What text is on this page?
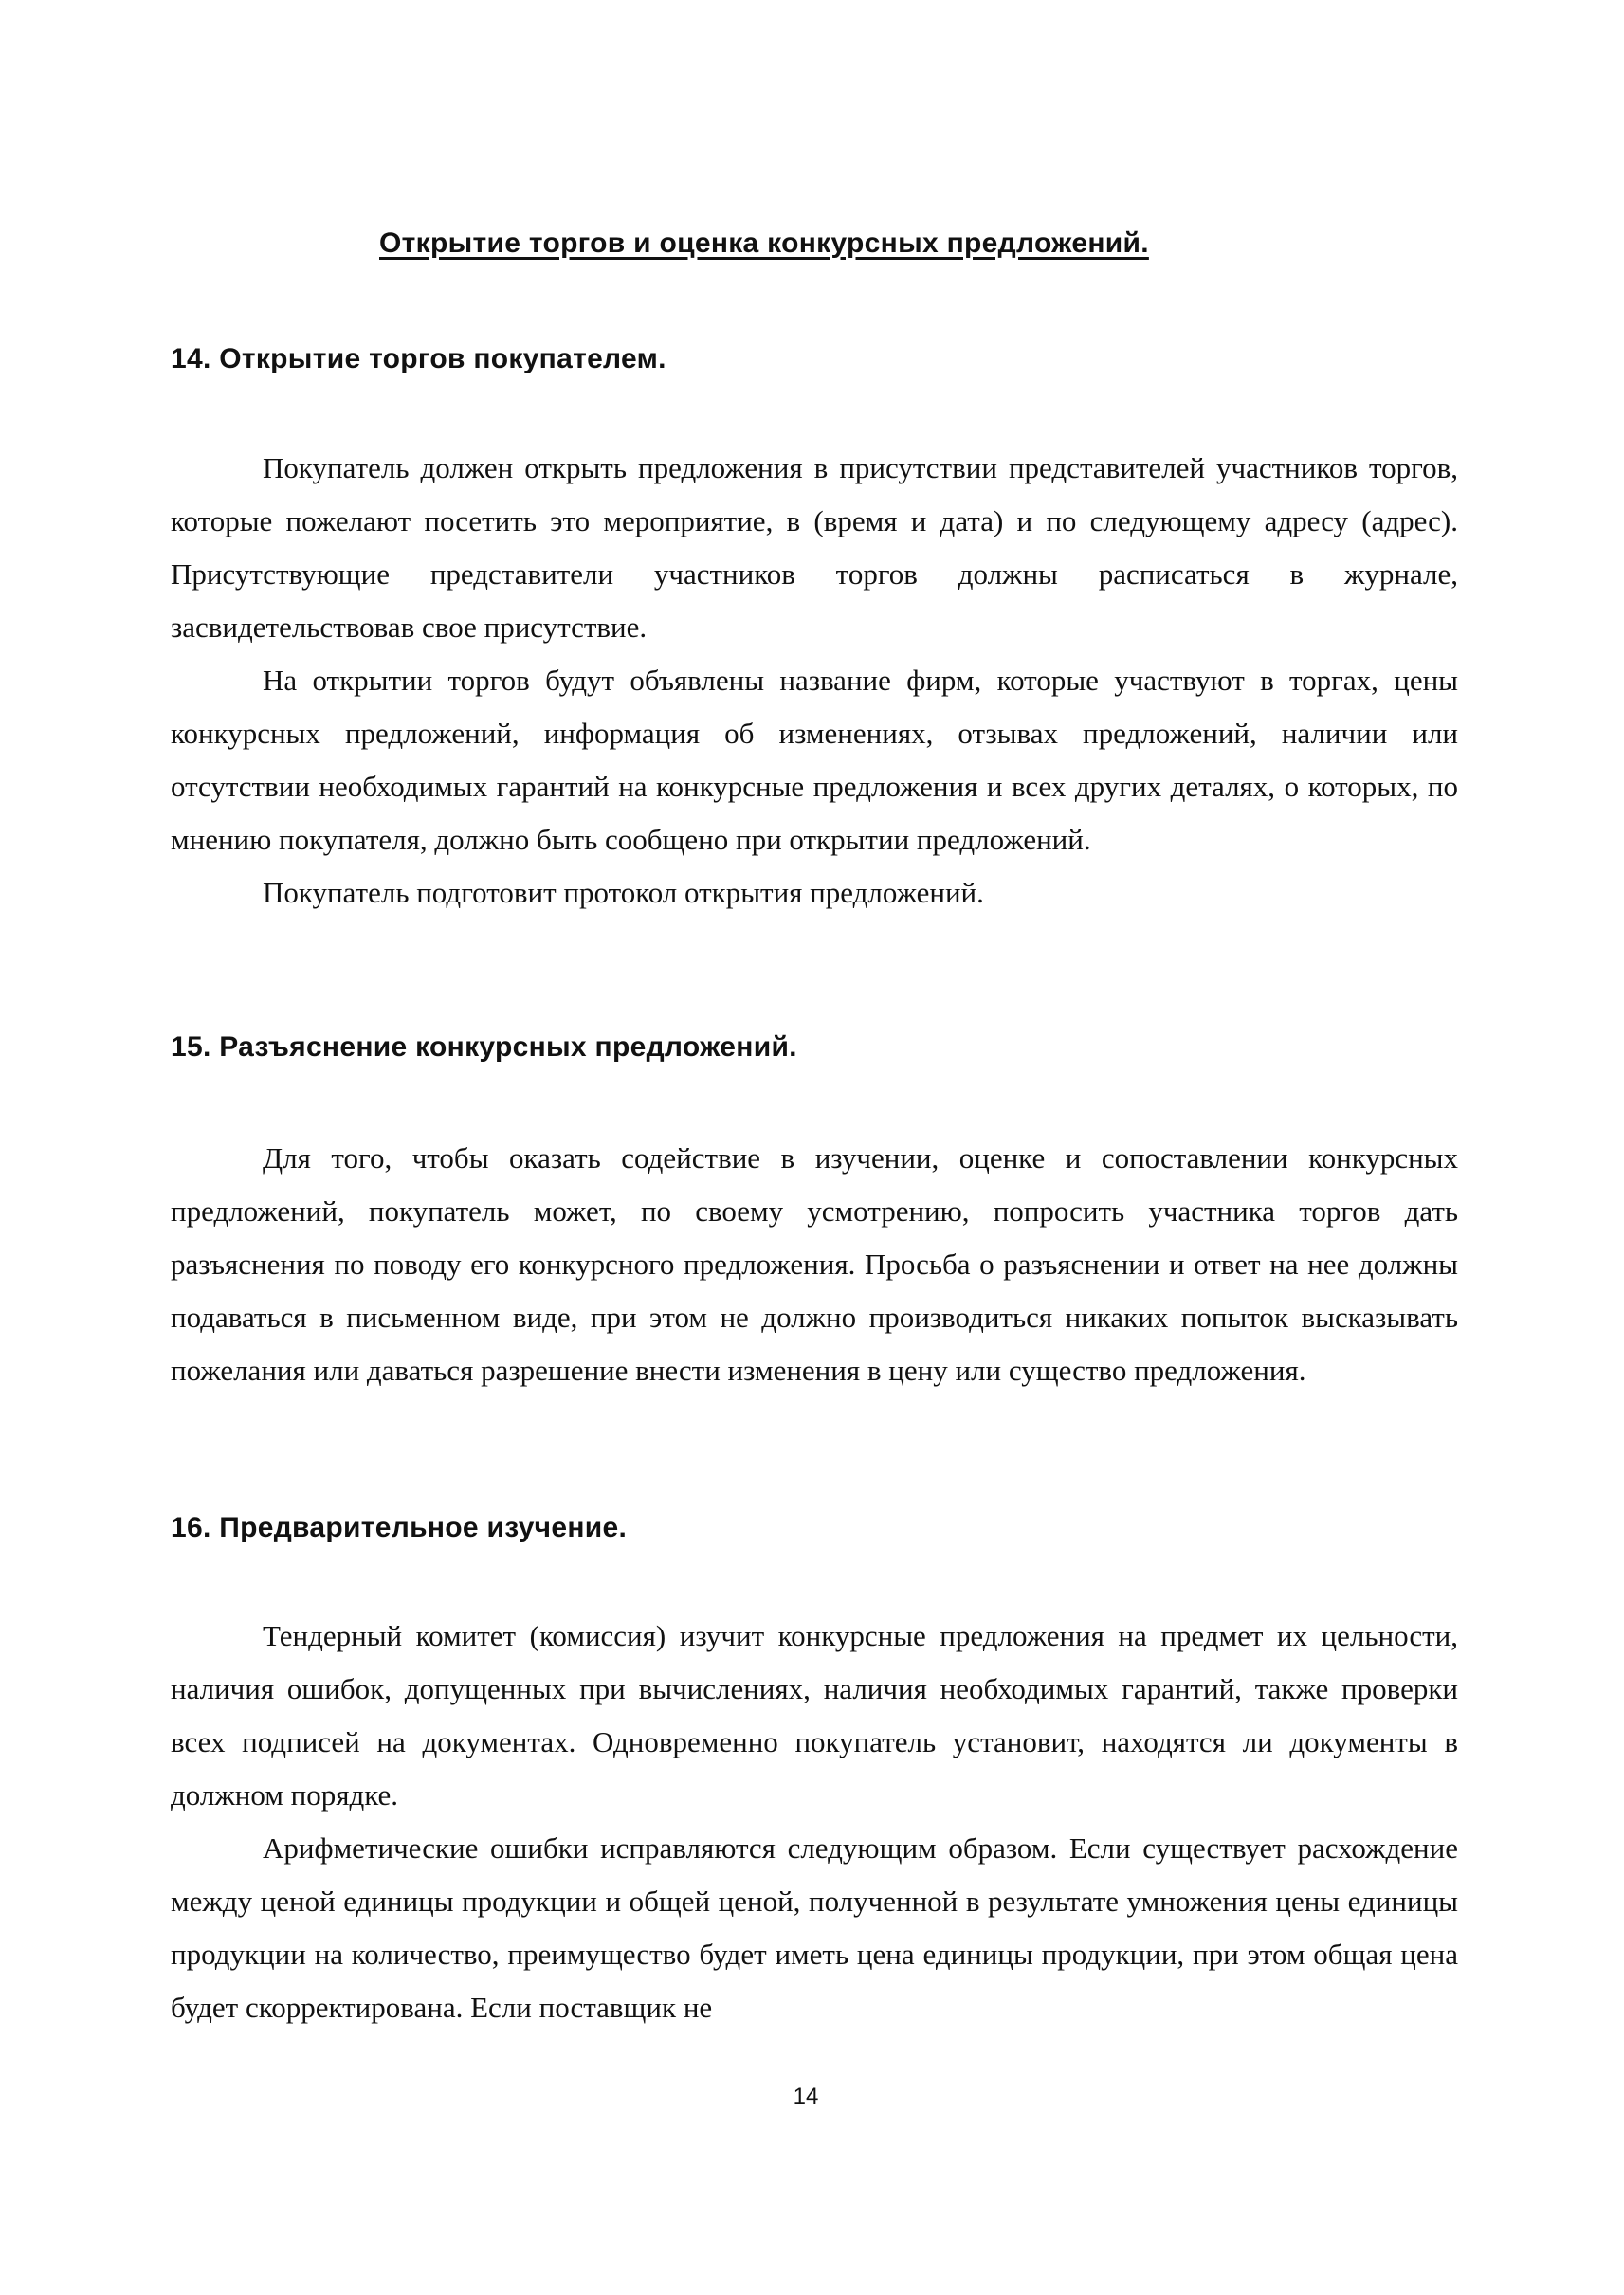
Открытие торгов и оценка конкурсных предложений.
14. Открытие торгов покупателем.

Покупатель должен открыть предложения в присутствии представителей участников торгов, которые пожелают посетить это мероприятие, в (время и дата) и по следующему адресу (адрес). Присутствующие представители участников торгов должны расписаться в журнале, засвидетельствовав свое присутствие.

На открытии торгов будут объявлены название фирм, которые участвуют в торгах, цены конкурсных предложений, информация об изменениях, отзывах предложений, наличии или отсутствии необходимых гарантий на конкурсные предложения и всех других деталях, о которых, по мнению покупателя, должно быть сообщено при открытии предложений.

Покупатель подготовит протокол открытия предложений.

15. Разъяснение конкурсных предложений.

Для того, чтобы оказать содействие в изучении, оценке и сопоставлении конкурсных предложений, покупатель может, по своему усмотрению, попросить участника торгов дать разъяснения по поводу его конкурсного предложения. Просьба о разъяснении и ответ на нее должны подаваться в письменном виде, при этом не должно производиться никаких попыток высказывать пожелания или даваться разрешение внести изменения в цену или существо предложения.

16. Предварительное изучение.

Тендерный комитет (комиссия) изучит конкурсные предложения на предмет их цельности, наличия ошибок, допущенных при вычислениях, наличия необходимых гарантий, также проверки всех подписей на документах. Одновременно покупатель установит, находятся ли документы в должном порядке.

Арифметические ошибки исправляются следующим образом. Если существует расхождение между ценой единицы продукции и общей ценой, полученной в результате умножения цены единицы продукции на количество, преимущество будет иметь цена единицы продукции, при этом общая цена будет скорректирована. Если поставщик не

14
